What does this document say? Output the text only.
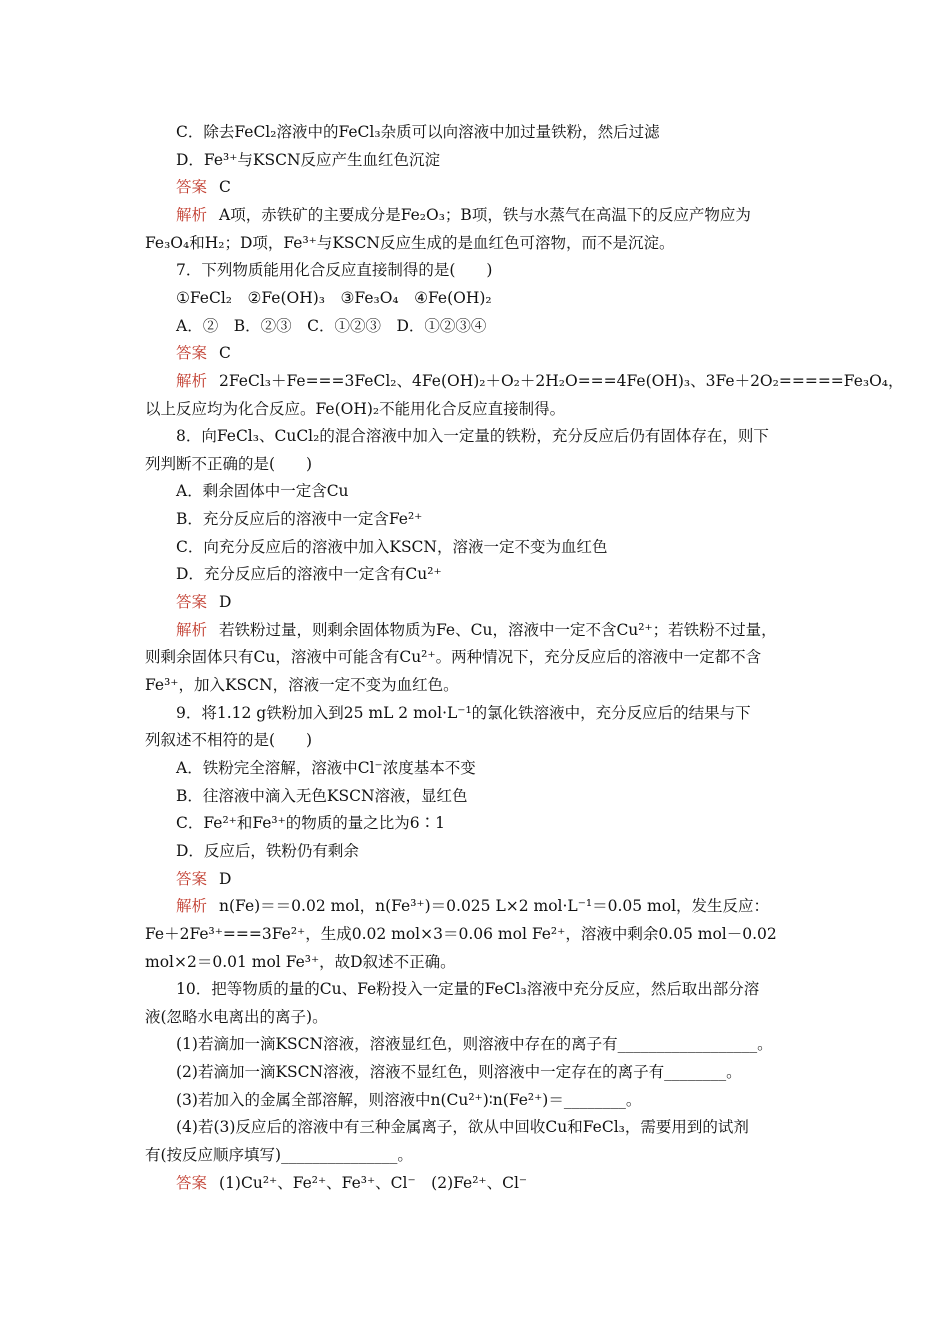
C．除去FeCl₂溶液中的FeCl₃杂质可以向溶液中加过量铁粉，然后过滤
D．Fe³⁺与KSCN反应产生血红色沉淀
答案 C
解析 A项，赤铁矿的主要成分是Fe₂O₃；B项，铁与水蒸气在高温下的反应产物应为
Fe₃O₄和H₂；D项，Fe³⁺与KSCN反应生成的是血红色可溶物，而不是沉淀。
7．下列物质能用化合反应直接制得的是(　　)
①FeCl₂　②Fe(OH)₃　③Fe₃O₄　④Fe(OH)₂
A．②　B．②③　C．①②③　D．①②③④
答案 C
解析 2FeCl₃＋Fe===3FeCl₂、4Fe(OH)₂＋O₂＋2H₂O===4Fe(OH)₃、3Fe＋2O₂=====Fe₃O₄，
以上反应均为化合反应。Fe(OH)₂不能用化合反应直接制得。
8．向FeCl₃、CuCl₂的混合溶液中加入一定量的铁粉，充分反应后仍有固体存在，则下
列判断不正确的是(　　)
A．剩余固体中一定含Cu
B．充分反应后的溶液中一定含Fe²⁺
C．向充分反应后的溶液中加入KSCN，溶液一定不变为血红色
D．充分反应后的溶液中一定含有Cu²⁺
答案 D
解析 若铁粉过量，则剩余固体物质为Fe、Cu，溶液中一定不含Cu²⁺；若铁粉不过量，
则剩余固体只有Cu，溶液中可能含有Cu²⁺。两种情况下，充分反应后的溶液中一定都不含
Fe³⁺，加入KSCN，溶液一定不变为血红色。
9．将1.12 g铁粉加入到25 mL 2 mol·L⁻¹的氯化铁溶液中，充分反应后的结果与下
列叙述不相符的是(　　)
A．铁粉完全溶解，溶液中Cl⁻浓度基本不变
B．往溶液中滴入无色KSCN溶液，显红色
C．Fe²⁺和Fe³⁺的物质的量之比为6∶1
D．反应后，铁粉仍有剩余
答案 D
解析 n(Fe)＝＝0.02 mol，n(Fe³⁺)＝0.025 L×2 mol·L⁻¹＝0.05 mol，发生反应：
Fe＋2Fe³⁺===3Fe²⁺，生成0.02 mol×3＝0.06 mol Fe²⁺，溶液中剩余0.05 mol－0.02
mol×2＝0.01 mol Fe³⁺，故D叙述不正确。
10．把等物质的量的Cu、Fe粉投入一定量的FeCl₃溶液中充分反应，然后取出部分溶
液(忽略水电离出的离子)。
(1)若滴加一滴KSCN溶液，溶液显红色，则溶液中存在的离子有__________________。
(2)若滴加一滴KSCN溶液，溶液不显红色，则溶液中一定存在的离子有________。
(3)若加入的金属全部溶解，则溶液中n(Cu²⁺)∶n(Fe²⁺)＝________。
(4)若(3)反应后的溶液中有三种金属离子，欲从中回收Cu和FeCl₃，需要用到的试剂
有(按反应顺序填写)_______________。
答案 (1)Cu²⁺、Fe²⁺、Fe³⁺、Cl⁻　(2)Fe²⁺、Cl⁻
